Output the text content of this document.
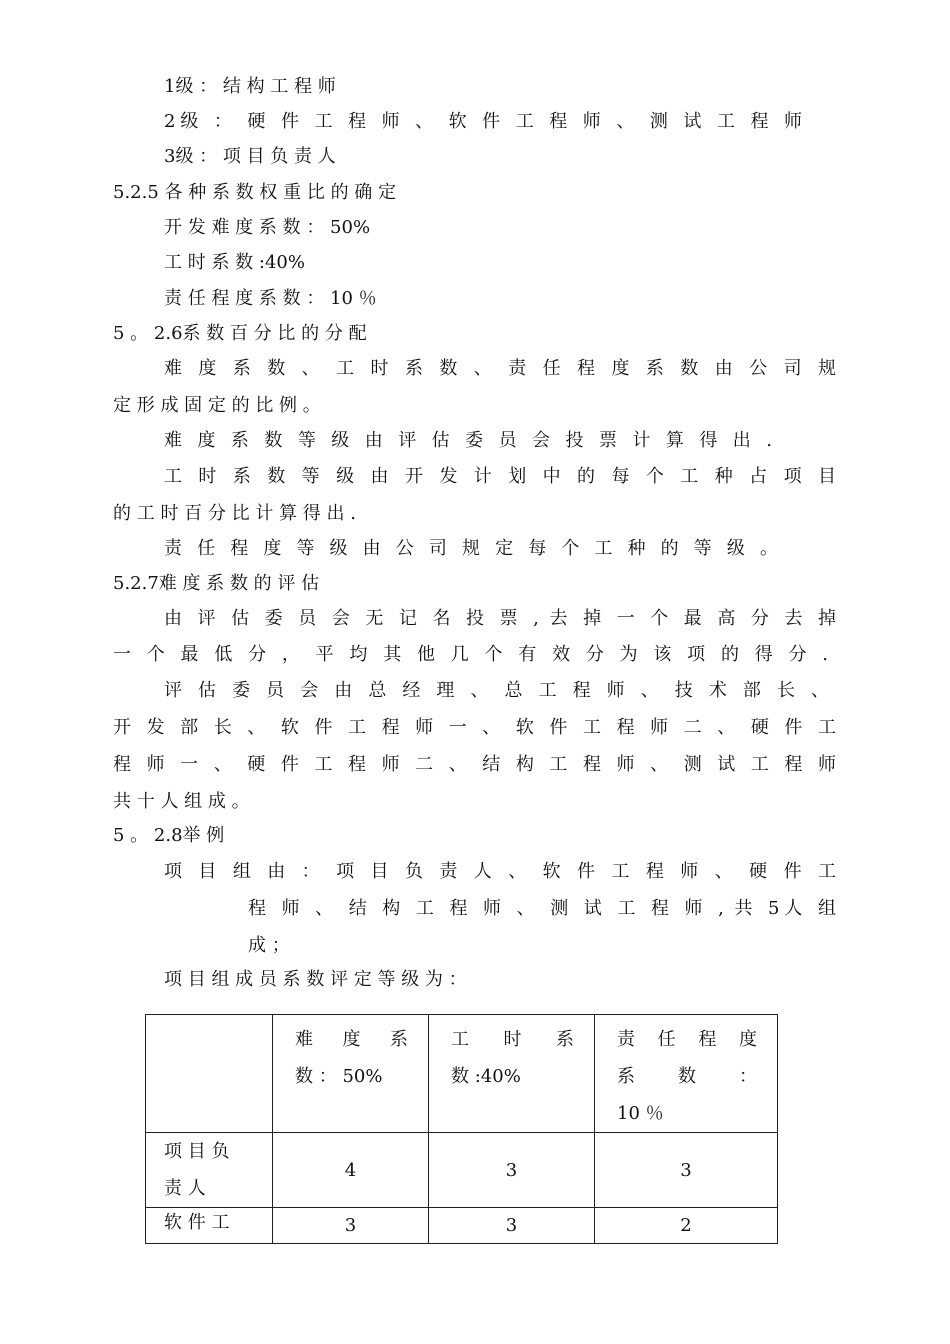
1级 ： 结 构 工 程 师
2级 ： 硬 件 工 程 师 、 软 件 工 程 师 、 测 试 工 程 师
3级 ： 项 目 负 责 人
5.2.5 各 种 系 数 权 重 比 的 确 定
开 发 难 度 系 数 ： 50%
工 时 系 数 :40%
责 任 程 度 系 数 ： 10 ％
5 。 2.6系 数 百 分 比 的 分 配
难 度 系 数 、 工 时 系 数 、 责 任 程 度 系 数 由 公 司 规
定 形 成 固 定 的 比 例 。
难 度 系 数 等 级 由 评 估 委 员 会 投 票 计 算 得 出 .
工 时 系 数 等 级 由 开 发 计 划 中 的 每 个 工 种 占 项 目
的 工 时 百 分 比 计 算 得 出 .
责 任 程 度 等 级 由 公 司 规 定 每 个 工 种 的 等 级 。
5.2.7难 度 系 数 的 评 估
由 评 估 委 员 会 无 记 名 投 票 , 去 掉 一 个 最 高 分 去 掉
一 个 最 低 分 ， 平 均 其 他 几 个 有 效 分 为 该 项 的 得 分 .
评 估 委 员 会 由 总 经 理 、 总 工 程 师 、 技 术 部 长 、
开 发 部 长 、 软 件 工 程 师 一 、 软 件 工 程 师 二 、 硬 件 工
程 师 一 、 硬 件 工 程 师 二 、 结 构 工 程 师 、 测 试 工 程 师
共 十 人 组 成 。
5 。 2.8举 例
项 目 组 由 ： 项 目 负 责 人 、 软 件 工 程 师 、 硬 件 工
程 师 、 结 构 工 程 师 、 测 试 工 程 师 , 共 5人 组
成 ；
项 目 组 成 员 系 数 评 定 等 级 为 ：

	难 度 系
数 ： 50%	工 时 系
数 :40%	责 任 程 度
系 数 ：
10 ％

项 目 负
责 人	4	3	3

软 件 工	3	3	2
